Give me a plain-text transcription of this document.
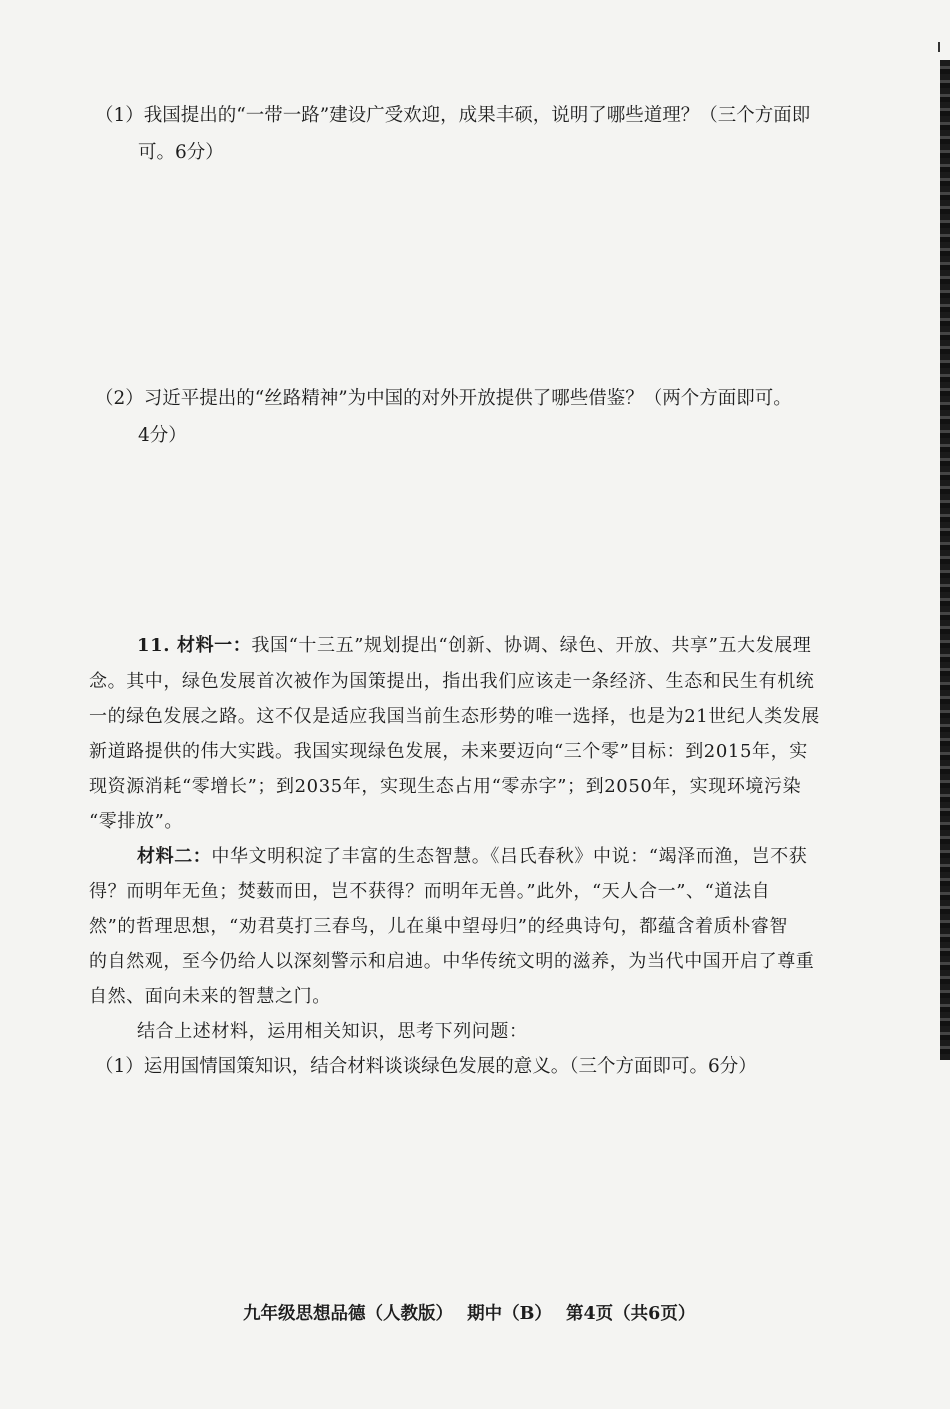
（1）我国提出的“一带一路”建设广受欢迎，成果丰硕，说明了哪些道理？（三个方面即
可。6分）
（2）习近平提出的“丝路精神”为中国的对外开放提供了哪些借鉴？（两个方面即可。
4分）
11. 材料一：我国“十三五”规划提出“创新、协调、绿色、开放、共享”五大发展理
念。其中，绿色发展首次被作为国策提出，指出我们应该走一条经济、生态和民生有机统
一的绿色发展之路。这不仅是适应我国当前生态形势的唯一选择，也是为21世纪人类发展
新道路提供的伟大实践。我国实现绿色发展，未来要迈向“三个零”目标：到2015年，实
现资源消耗“零增长”；到2035年，实现生态占用“零赤字”；到2050年，实现环境污染
“零排放”。
材料二：中华文明积淀了丰富的生态智慧。《吕氏春秋》中说：“竭泽而渔，岂不获
得？而明年无鱼；焚薮而田，岂不获得？而明年无兽。”此外，“天人合一”、“道法自
然”的哲理思想，“劝君莫打三春鸟，儿在巢中望母归”的经典诗句，都蕴含着质朴睿智
的自然观，至今仍给人以深刻警示和启迪。中华传统文明的滋养，为当代中国开启了尊重
自然、面向未来的智慧之门。
结合上述材料，运用相关知识，思考下列问题：
（1）运用国情国策知识，结合材料谈谈绿色发展的意义。（三个方面即可。6分）
九年级思想品德（人教版） 期中（B） 第4页（共6页）
